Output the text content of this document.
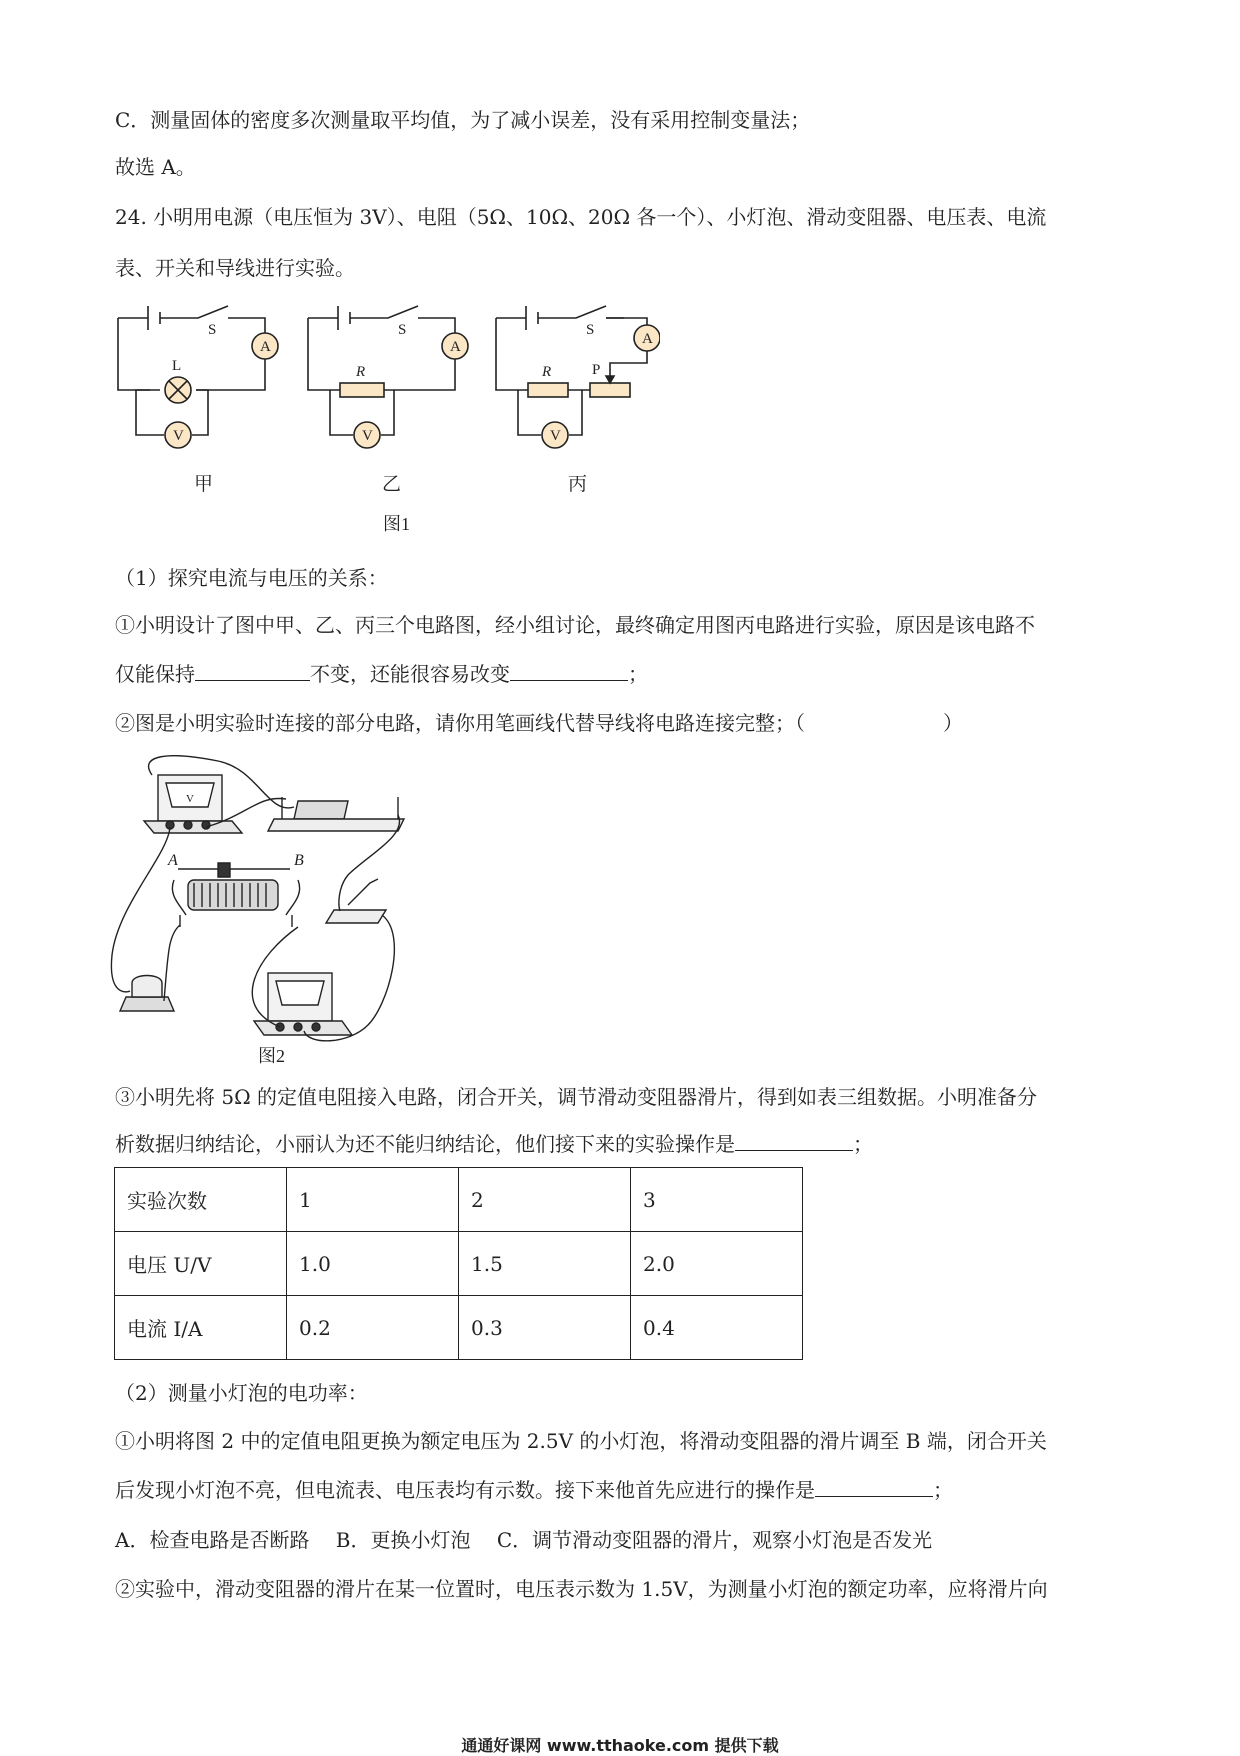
C．测量固体的密度多次测量取平均值，为了减小误差，没有采用控制变量法；
故选 A。
24. 小明用电源（电压恒为 3V）、电阻（5Ω、10Ω、20Ω 各一个）、小灯泡、滑动变阻器、电压表、电流
表、开关和导线进行实验。
S
A
L
V
S
A
R
V
S
A
R	P
V
甲	乙	丙
图1
（1）探究电流与电压的关系：
①小明设计了图中甲、乙、丙三个电路图，经小组讨论，最终确定用图丙电路进行实验，原因是该电路不
仅能保持	不变，还能很容易改变	；
②图是小明实验时连接的部分电路，请你用笔画线代替导线将电路连接完整；（	）
A	B
V
图2
③小明先将 5Ω 的定值电阻接入电路，闭合开关，调节滑动变阻器滑片，得到如表三组数据。小明准备分
析数据归纳结论，小丽认为还不能归纳结论，他们接下来的实验操作是	；
实验次数	1	2	3
电压 U/V	1.0	1.5	2.0
电流 I/A	0.2	0.3	0.4
（2）测量小灯泡的电功率：
①小明将图 2 中的定值电阻更换为额定电压为 2.5V 的小灯泡，将滑动变阻器的滑片调至 B 端，闭合开关
后发现小灯泡不亮，但电流表、电压表均有示数。接下来他首先应进行的操作是	；
A．检查电路是否断路　 B．更换小灯泡　 C．调节滑动变阻器的滑片，观察小灯泡是否发光
②实验中，滑动变阻器的滑片在某一位置时，电压表示数为 1.5V，为测量小灯泡的额定功率，应将滑片向
通通好课网 www.tthaoke.com 提供下载
